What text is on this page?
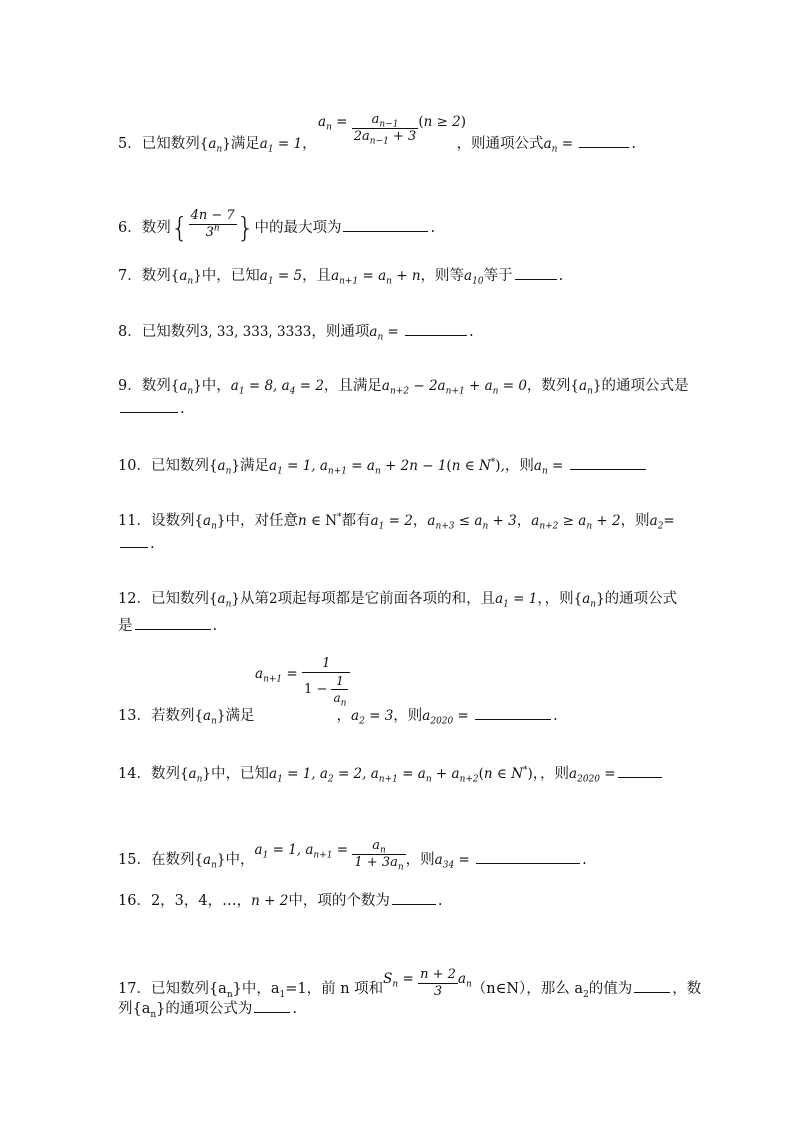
$a_n = \frac{a_{n-1}}{2a_{n-1} + 3} (n \ge 2)$
5．已知数列$\{a_n\}$满足$a_1 = 1$，	，则通项公式$a_n$ =	.
6．数列{ $\frac{4n - 7}{3^n}$ }中的最大项为	.
7．数列$\{a_n\}$中，已知$a_1 = 5$，且$a_{n+1} = a_n + n$，则等$a_{10}$等于	.
8．已知数列3, 33, 333, 3333，则通项$a_n$ =	.
9．数列$\{a_n\}$中，$a_1 = 8$, $a_4 = 2$，且满足$a_{n+2} - 2a_{n+1} + a_n = 0$，数列$\{a_n\}$的通项公式是
.
10．已知数列$\{a_n\}$满足$a_1 = 1$, $a_{n+1} = a_n + 2n - 1(n$ ∈ N*),，则$a_n$ =
11．设数列$\{a_n\}$中，对任意n ∈ N*都有$a_1 = 2$，$a_{n+3} \le a_n + 3$，$a_{n+2} \ge a_n + 2$，则$a_2=$
.
12．已知数列$\{a_n\}$从第2项起每项都是它前面各项的和，且$a_1 = 1$，，则$\{a_n\}$的通项公式
是	.
$^{a_{n+1} =} \frac{1}{1 - \frac{1}{a_n}}$
13．若数列$\{a_n\}$满足	，$a_2 = 3$，则$a_{2020}$ =	.
14．数列$\{a_n\}$中，已知$a_1 = 1$, $a_2 = 2$, $a_{n+1} = a_n + a_{n+2}(n$ ∈ N*)，，则$a_{2020}$ =
15．在数列$\{a_n\}$中，$a_1 = 1$, $a_{n+1} = \frac{a_n}{1 + 3a_n}$ ，则$a_{34}$ =	.
16．2，3，4，…，n + 2中，项的个数为	.
17．已知数列$\{a_n\}$中，$a_1=1$，前 n 项和$S_n = \frac{n + 2}{3}$ $a_n(n\in N)$，那么 $a_2$的值为	，数
列$\{a_n\}$的通项公式为	.
